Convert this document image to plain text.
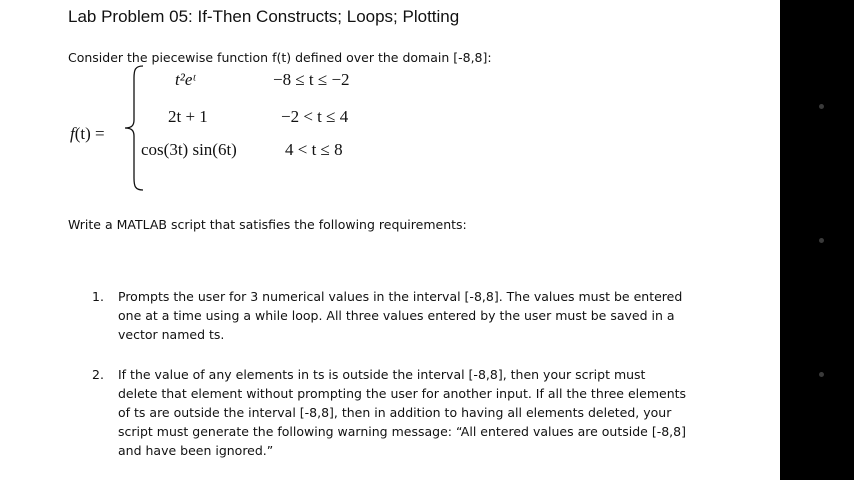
Lab Problem 05: If-Then Constructs; Loops; Plotting
Consider the piecewise function f(t) defined over the domain [-8,8]:
f(t) =
t²eᵗ	−8 ≤ t ≤ −2
2t + 1	−2 < t ≤ 4
cos(3t) sin(6t)	4 < t ≤ 8
Write a MATLAB script that satisfies the following requirements:
1. Prompts the user for 3 numerical values in the interval [-8,8]. The values must be entered one at a time using a while loop. All three values entered by the user must be saved in a vector named ts.
2. If the value of any elements in ts is outside the interval [-8,8], then your script must delete that element without prompting the user for another input. If all the three elements of ts are outside the interval [-8,8], then in addition to having all elements deleted, your script must generate the following warning message: “All entered values are outside [-8,8] and have been ignored.”
